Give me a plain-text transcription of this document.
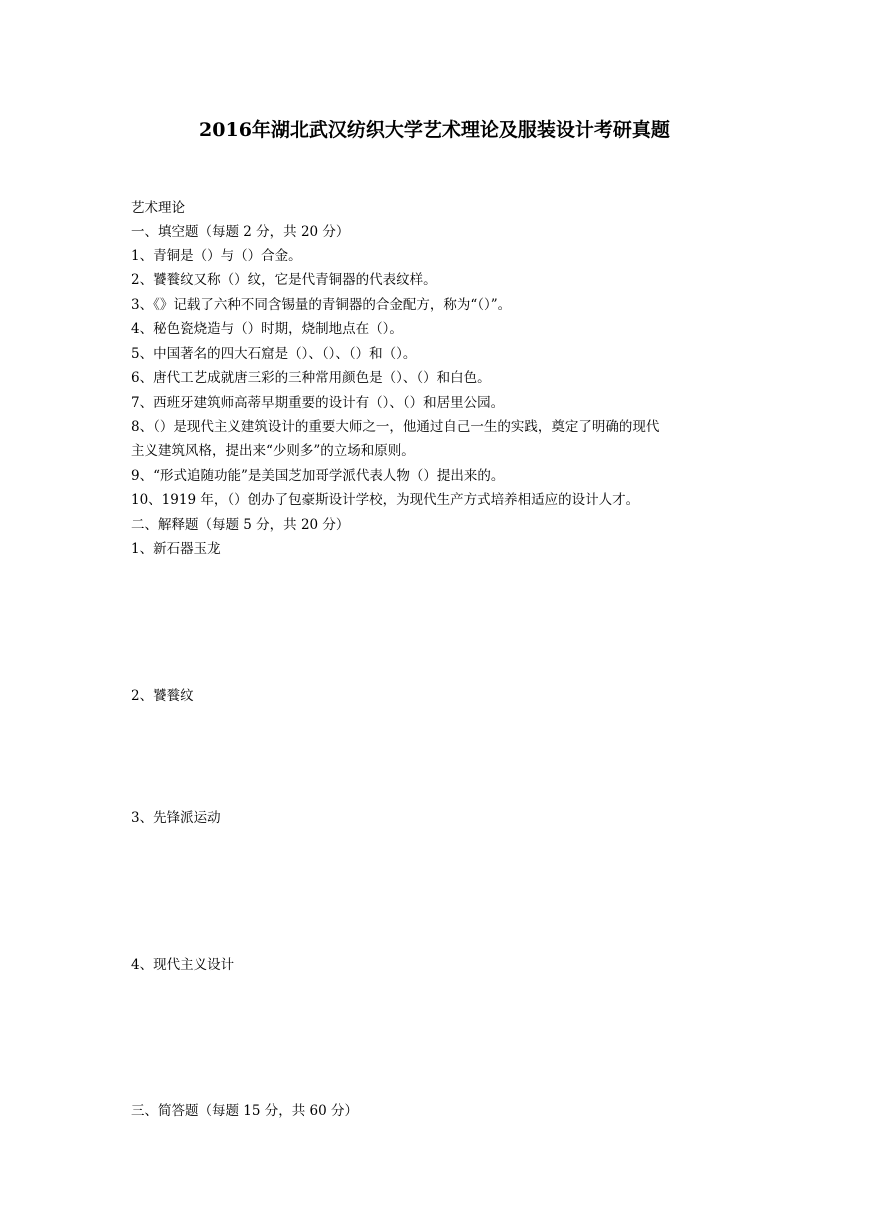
2016年湖北武汉纺织大学艺术理论及服装设计考研真题
艺术理论
一、填空题（每题 2 分，共 20 分）
1、青铜是（）与（）合金。
2、饕餮纹又称（）纹，它是代青铜器的代表纹样。
3、《》记载了六种不同含锡量的青铜器的合金配方，称为“（）”。
4、秘色瓷烧造与（）时期，烧制地点在（）。
5、中国著名的四大石窟是（）、（）、（）和（）。
6、唐代工艺成就唐三彩的三种常用颜色是（）、（）和白色。
7、西班牙建筑师高蒂早期重要的设计有（）、（）和居里公园。
8、（）是现代主义建筑设计的重要大师之一，他通过自己一生的实践，奠定了明确的现代
主义建筑风格，提出来“少则多”的立场和原则。
9、“形式追随功能”是美国芝加哥学派代表人物（）提出来的。
10、1919 年，（）创办了包豪斯设计学校，为现代生产方式培养相适应的设计人才。
二、解释题（每题 5 分，共 20 分）
1、新石器玉龙
2、饕餮纹
3、先锋派运动
4、现代主义设计
三、简答题（每题 15 分，共 60 分）
